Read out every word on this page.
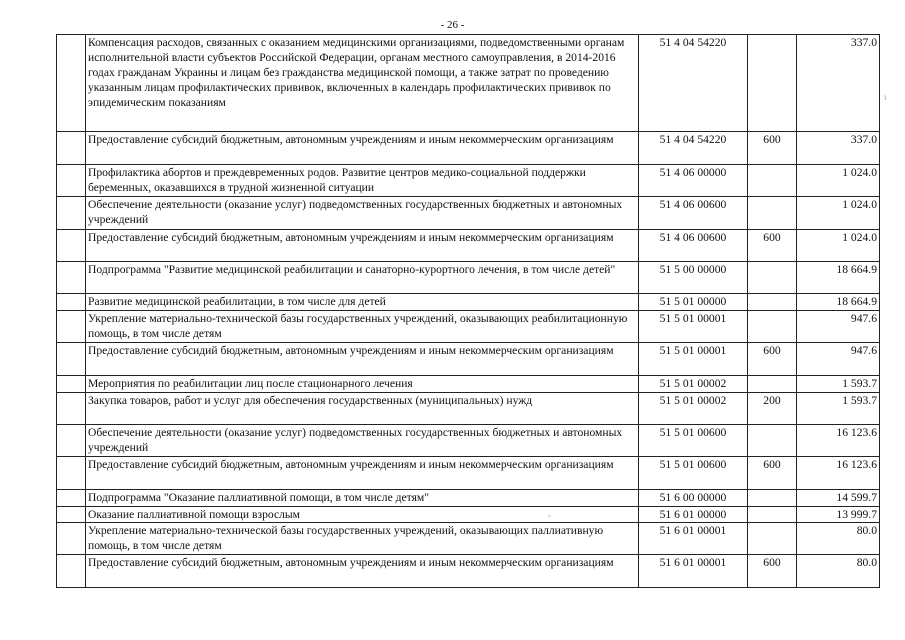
- 26 -
	Компенсация расходов, связанных с оказанием медицинскими организациями, подведомственными органам исполнительной власти субъектов Российской Федерации, органам местного самоуправления, в 2014-2016 годах гражданам Украины и лицам без гражданства медицинской помощи, а также затрат по проведению указанным лицам профилактических прививок, включенных в календарь профилактических прививок по эпидемическим показаниям	51 4 04 54220		337.0
	Предоставление субсидий бюджетным, автономным учреждениям и иным некоммерческим организациям	51 4 04 54220	600	337.0
	Профилактика абортов и преждевременных родов. Развитие центров медико-социальной поддержки беременных, оказавшихся в трудной жизненной ситуации	51 4 06 00000		1 024.0
	Обеспечение деятельности (оказание услуг) подведомственных государственных бюджетных и автономных учреждений	51 4 06 00600		1 024.0
	Предоставление субсидий бюджетным, автономным учреждениям и иным некоммерческим организациям	51 4 06 00600	600	1 024.0
	Подпрограмма "Развитие медицинской реабилитации и санаторно-курортного лечения, в том числе детей"	51 5 00 00000		18 664.9
	Развитие медицинской реабилитации, в том числе для детей	51 5 01 00000		18 664.9
	Укрепление материально-технической базы государственных учреждений, оказывающих реабилитационную помощь, в том числе детям	51 5 01 00001		947.6
	Предоставление субсидий бюджетным, автономным учреждениям и иным некоммерческим организациям	51 5 01 00001	600	947.6
	Мероприятия по реабилитации лиц после стационарного лечения	51 5 01 00002		1 593.7
	Закупка товаров, работ и услуг для обеспечения государственных (муниципальных) нужд	51 5 01 00002	200	1 593.7
	Обеспечение деятельности (оказание услуг) подведомственных государственных бюджетных и автономных учреждений	51 5 01 00600		16 123.6
	Предоставление субсидий бюджетным, автономным учреждениям и иным некоммерческим организациям	51 5 01 00600	600	16 123.6
	Подпрограмма "Оказание паллиативной помощи, в том числе детям"	51 6 00 00000		14 599.7
	Оказание паллиативной помощи взрослым	51 6 01 00000		13 999.7
	Укрепление материально-технической базы государственных учреждений, оказывающих паллиативную помощь, в том числе детям	51 6 01 00001		80.0
	Предоставление субсидий бюджетным, автономным учреждениям и иным некоммерческим организациям	51 6 01 00001	600	80.0
ɩ
ᵛ
